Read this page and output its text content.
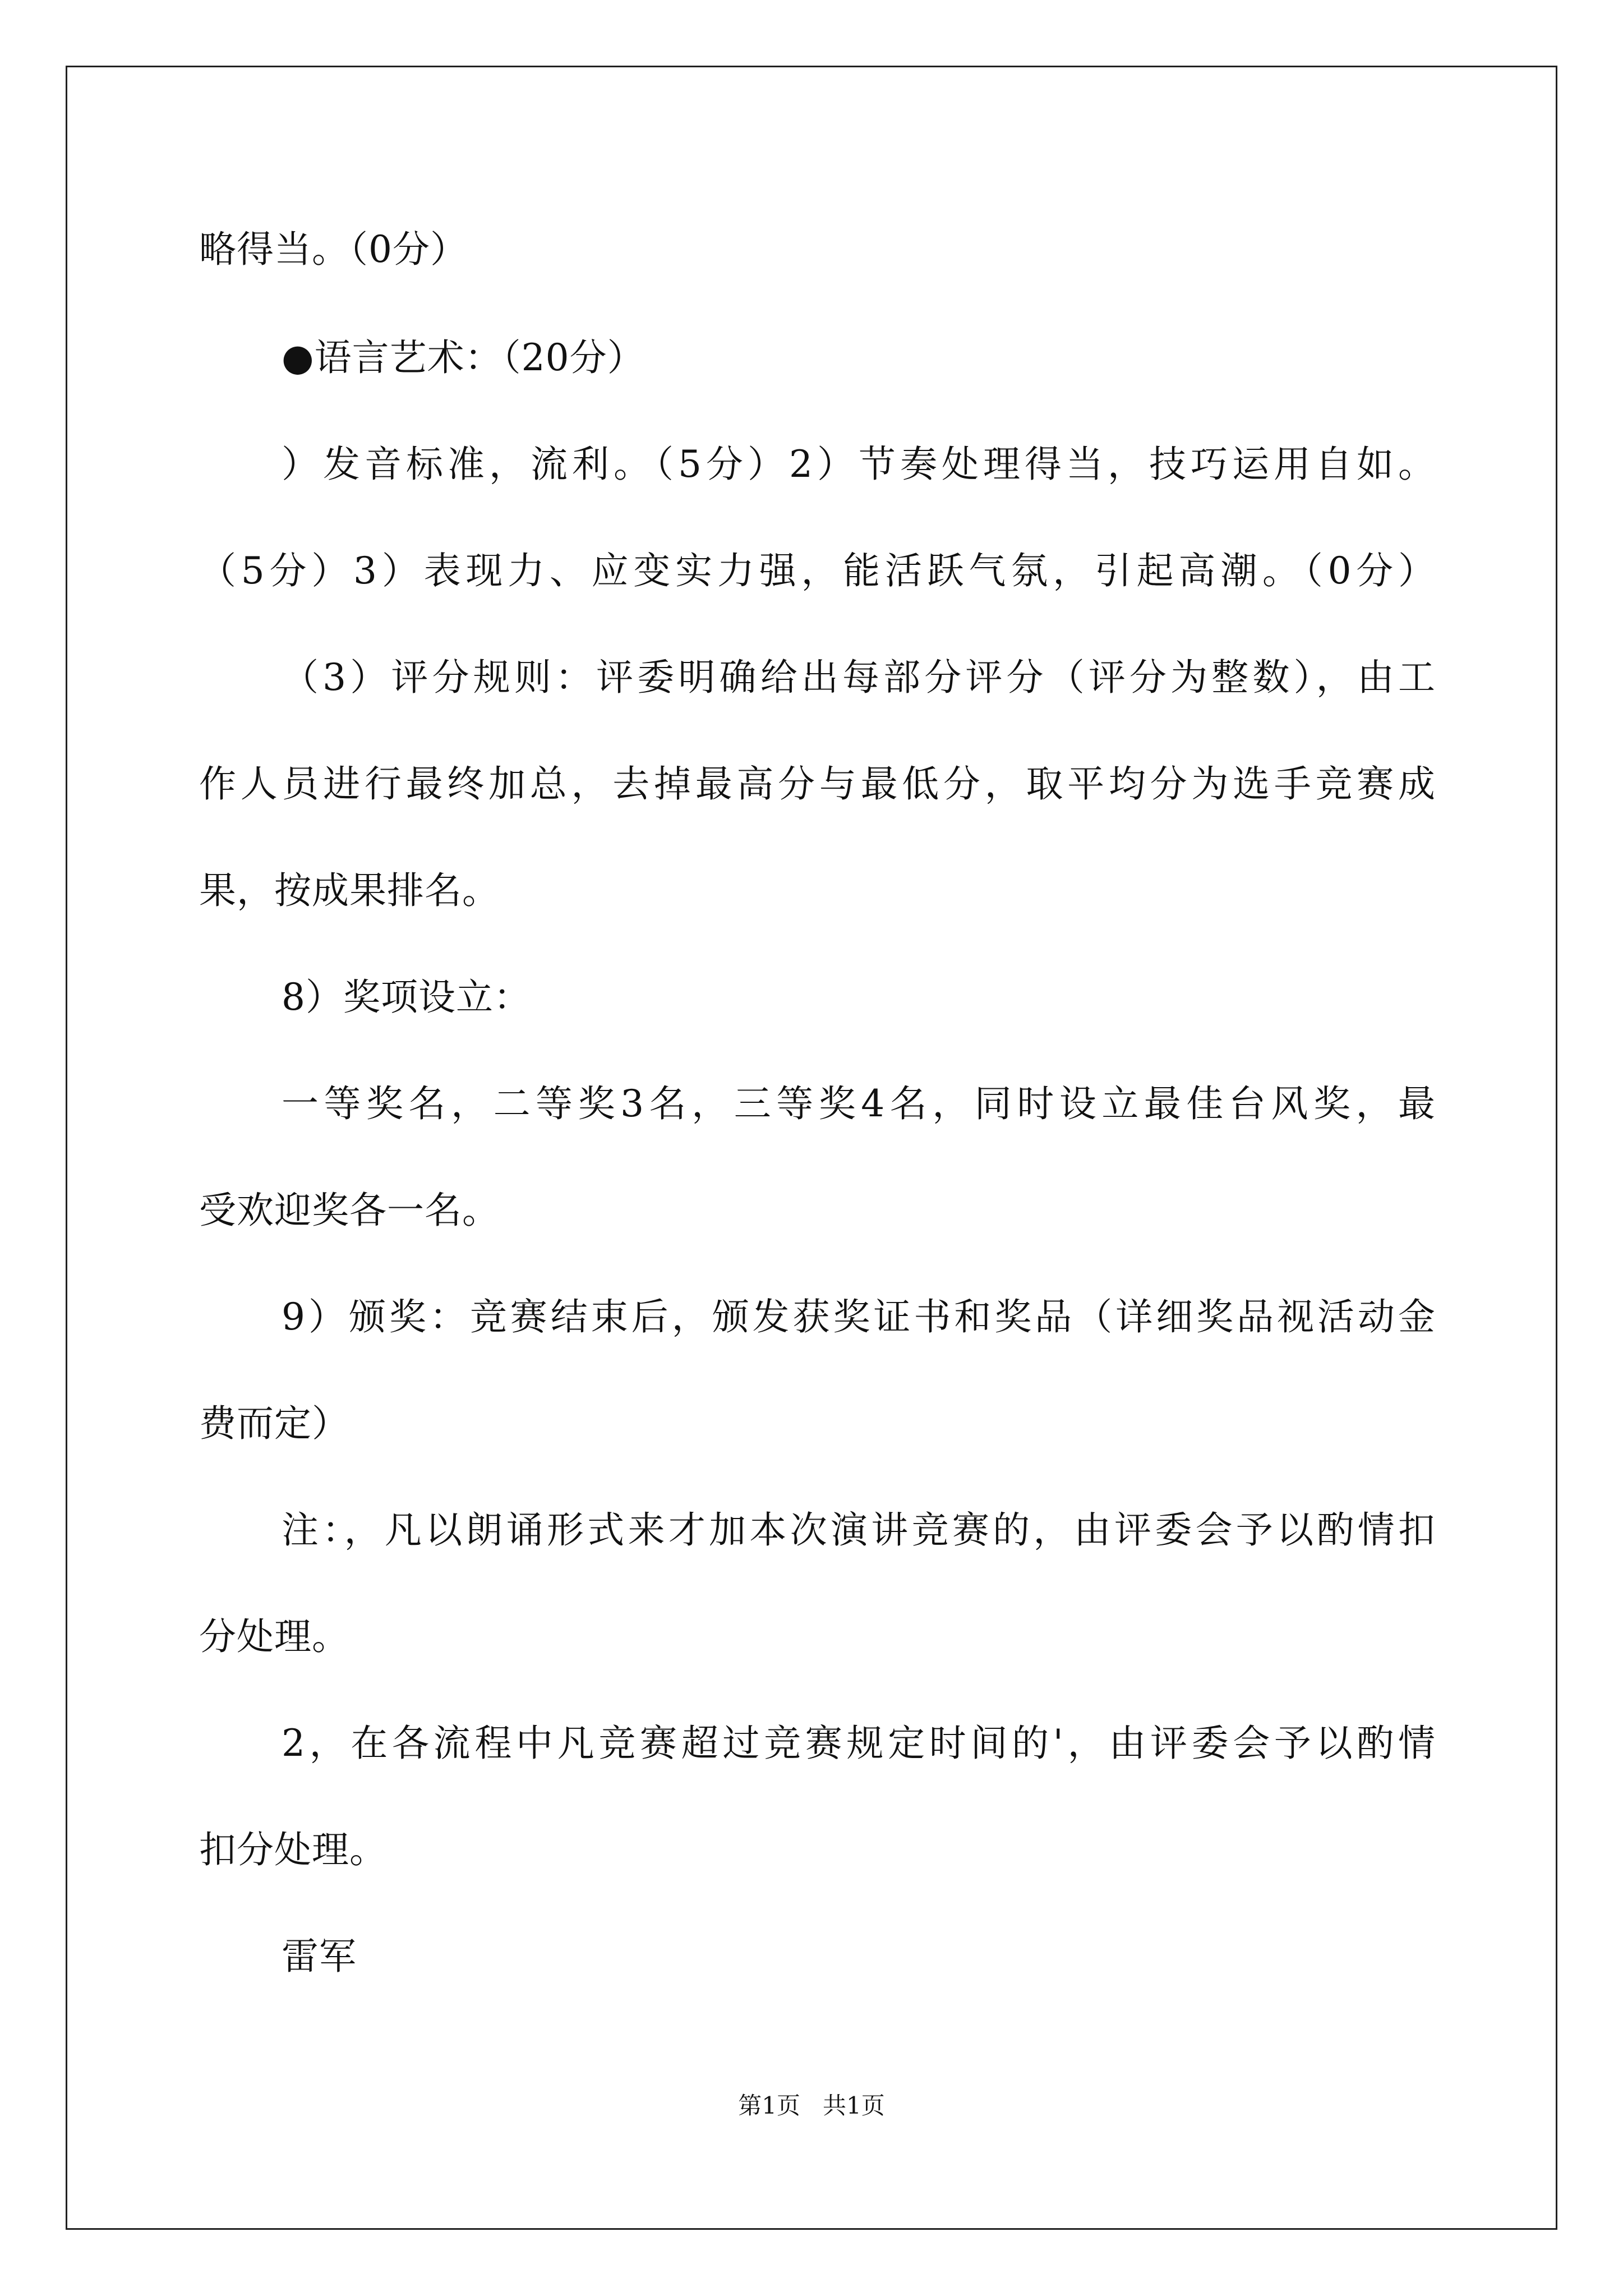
略得当。（0分）

●语言艺术：（20分）

）发音标准，流利。（5分）2）节奏处理得当，技巧运用自如。

（5分）3）表现力、应变实力强，能活跃气氛，引起高潮。（0分）

（3）评分规则：评委明确给出每部分评分（评分为整数），由工

作人员进行最终加总，去掉最高分与最低分，取平均分为选手竞赛成

果，按成果排名。

8）奖项设立：

一等奖名，二等奖3名，三等奖4名，同时设立最佳台风奖，最

受欢迎奖各一名。

9）颁奖：竞赛结束后，颁发获奖证书和奖品（详细奖品视活动金

费而定）

注：，凡以朗诵形式来才加本次演讲竞赛的，由评委会予以酌情扣

分处理。

2，在各流程中凡竞赛超过竞赛规定时间的'，由评委会予以酌情

扣分处理。

雷军

第1页   共1页
